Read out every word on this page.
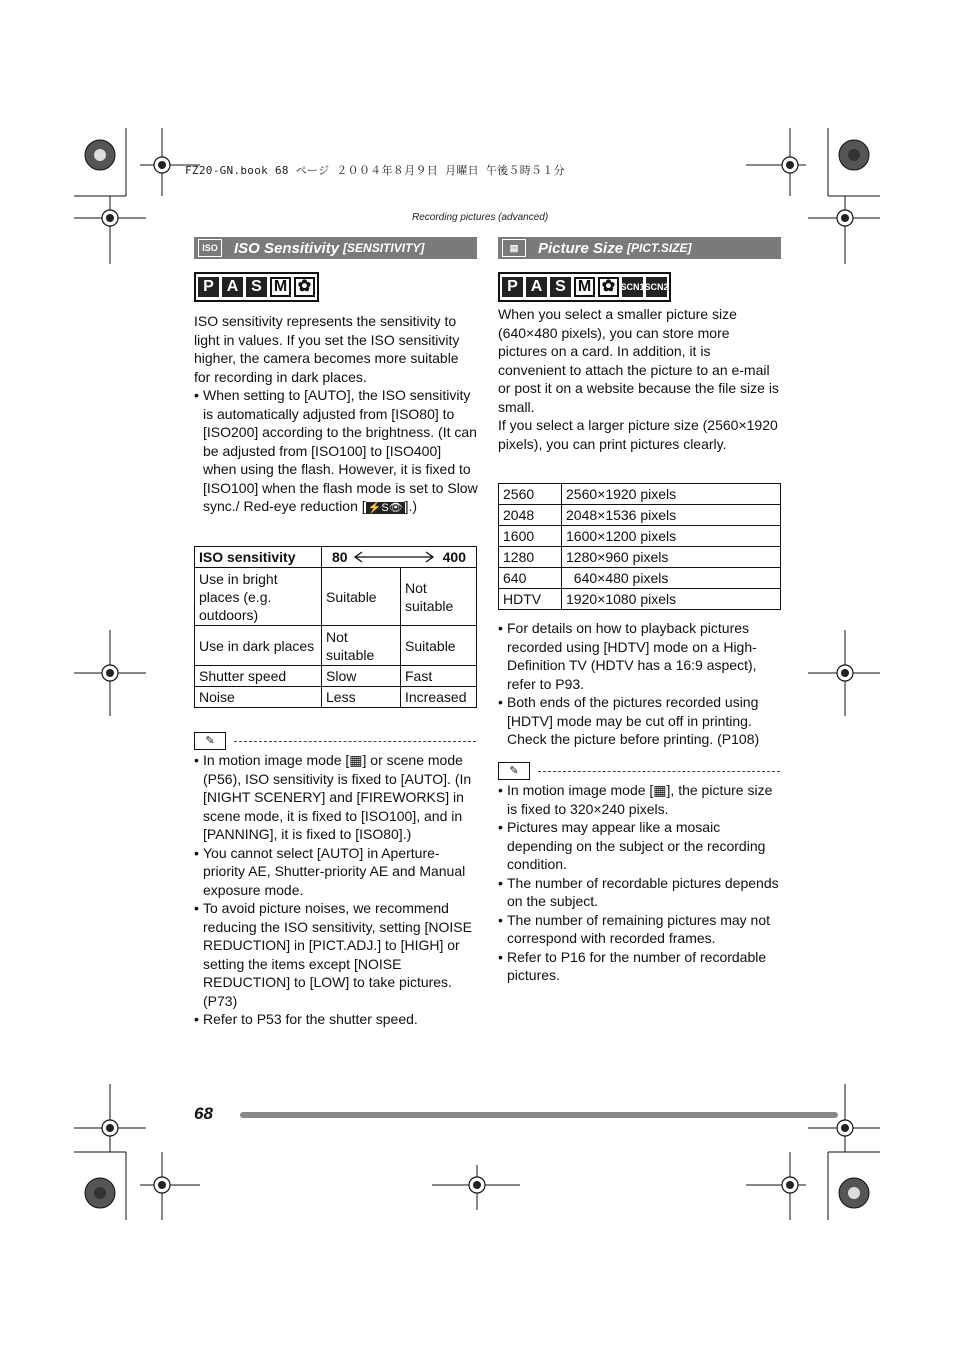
FZ20-GN.book 68 ページ ２００４年８月９日 月曜日 午後５時５１分
Recording pictures (advanced)
ISO ISO Sensitivity [SENSITIVITY]
P A S M ✿
ISO sensitivity represents the sensitivity to light in values. If you set the ISO sensitivity higher, the camera becomes more suitable for recording in dark places.
• When setting to [AUTO], the ISO sensitivity is automatically adjusted from [ISO80] to [ISO200] according to the brightness. (It can be adjusted from [ISO100] to [ISO400] when using the flash. However, it is fixed to [ISO100] when the flash mode is set to Slow sync./ Red-eye reduction [ ⚡S👁 ].)
ISO sensitivity	80 400	

Use in bright places (e.g. outdoors)	Suitable	Not suitable
Use in dark places	Not suitable	Suitable
Shutter speed	Slow	Fast
Noise	Less	Increased
✎
• In motion image mode [▦] or scene mode (P56), ISO sensitivity is fixed to [AUTO]. (In [NIGHT SCENERY] and [FIREWORKS] in scene mode, it is fixed to [ISO100], and in [PANNING], it is fixed to [ISO80].)
• You cannot select [AUTO] in Aperture-priority AE, Shutter-priority AE and Manual exposure mode.
• To avoid picture noises, we recommend reducing the ISO sensitivity, setting [NOISE REDUCTION] in [PICT.ADJ.] to [HIGH] or setting the items except [NOISE REDUCTION] to [LOW] to take pictures. (P73)
• Refer to P53 for the shutter speed.
▤	Picture Size [PICT.SIZE]
P A S M ✿ SCN1 SCN2
When you select a smaller picture size (640×480 pixels), you can store more pictures on a card. In addition, it is convenient to attach the picture to an e-mail or post it on a website because the file size is small.
If you select a larger picture size (2560×1920 pixels), you can print pictures clearly.
2560	2560×1920 pixels
2048	2048×1536 pixels
1600	1600×1200 pixels
1280	1280×960 pixels
640	640×480 pixels
HDTV	1920×1080 pixels
• For details on how to playback pictures recorded using [HDTV] mode on a High-Definition TV (HDTV has a 16:9 aspect), refer to P93.
• Both ends of the pictures recorded using [HDTV] mode may be cut off in printing. Check the picture before printing. (P108)
✎
• In motion image mode [▦], the picture size is fixed to 320×240 pixels.
• Pictures may appear like a mosaic depending on the subject or the recording condition.
• The number of recordable pictures depends on the subject.
• The number of remaining pictures may not correspond with recorded frames.
• Refer to P16 for the number of recordable pictures.
68
